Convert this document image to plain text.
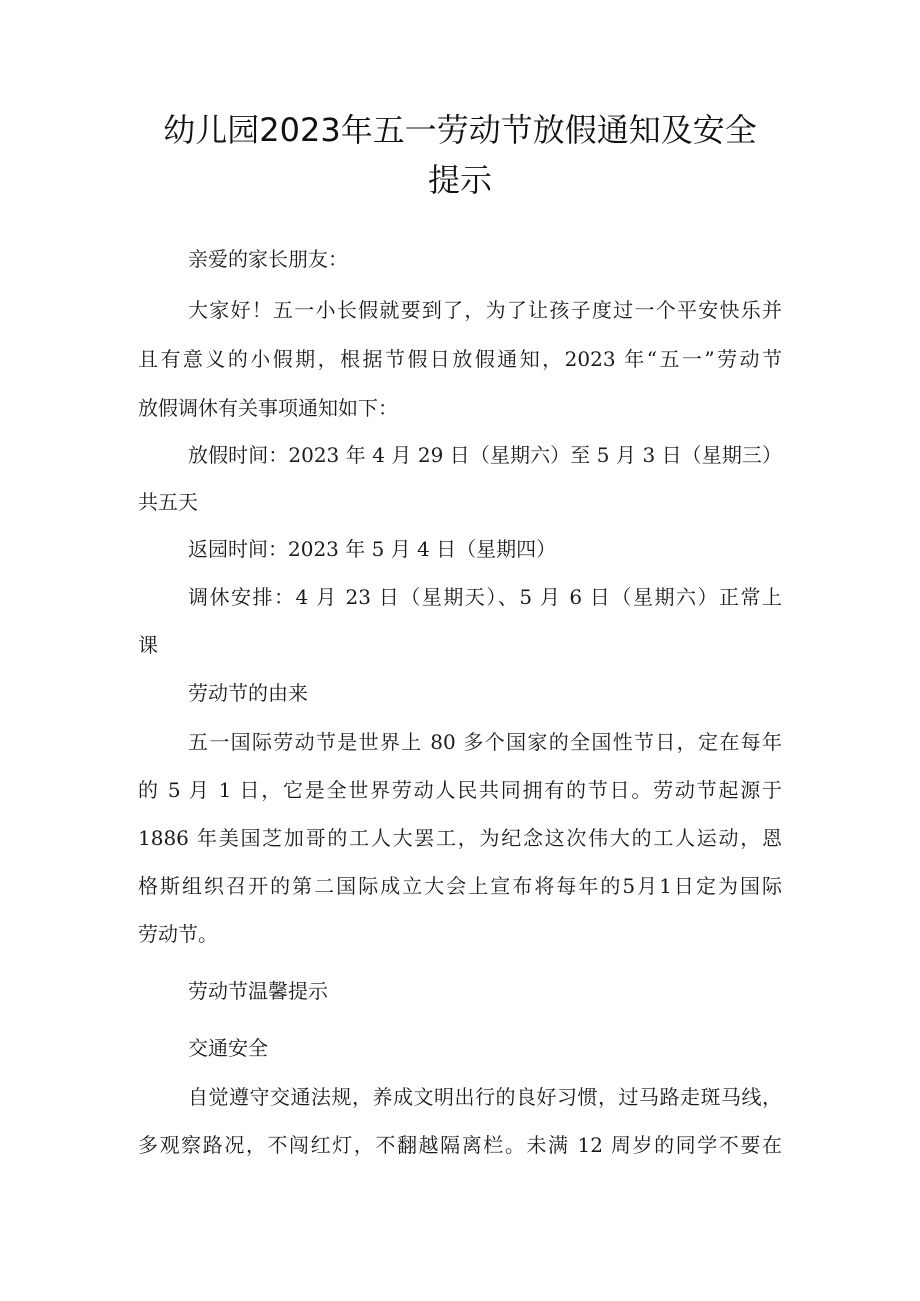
幼儿园2023年五一劳动节放假通知及安全
提示
亲爱的家长朋友：
大家好！五一小长假就要到了，为了让孩子度过一个平安快乐并
且有意义的小假期，根据节假日放假通知，2023 年“五一”劳动节
放假调休有关事项通知如下：
放假时间：2023 年 4 月 29 日（星期六）至 5 月 3 日（星期三）
共五天
返园时间：2023 年 5 月 4 日（星期四）
调休安排：4 月 23 日（星期天）、5 月 6 日（星期六）正常上
课
劳动节的由来
五一国际劳动节是世界上 80 多个国家的全国性节日，定在每年
的 5 月 1 日，它是全世界劳动人民共同拥有的节日。劳动节起源于
1886 年美国芝加哥的工人大罢工，为纪念这次伟大的工人运动，恩
格斯组织召开的第二国际成立大会上宣布将每年的5月1日定为国际
劳动节。
劳动节温馨提示
交通安全
自觉遵守交通法规，养成文明出行的良好习惯，过马路走斑马线，
多观察路况，不闯红灯，不翻越隔离栏。未满 12 周岁的同学不要在
